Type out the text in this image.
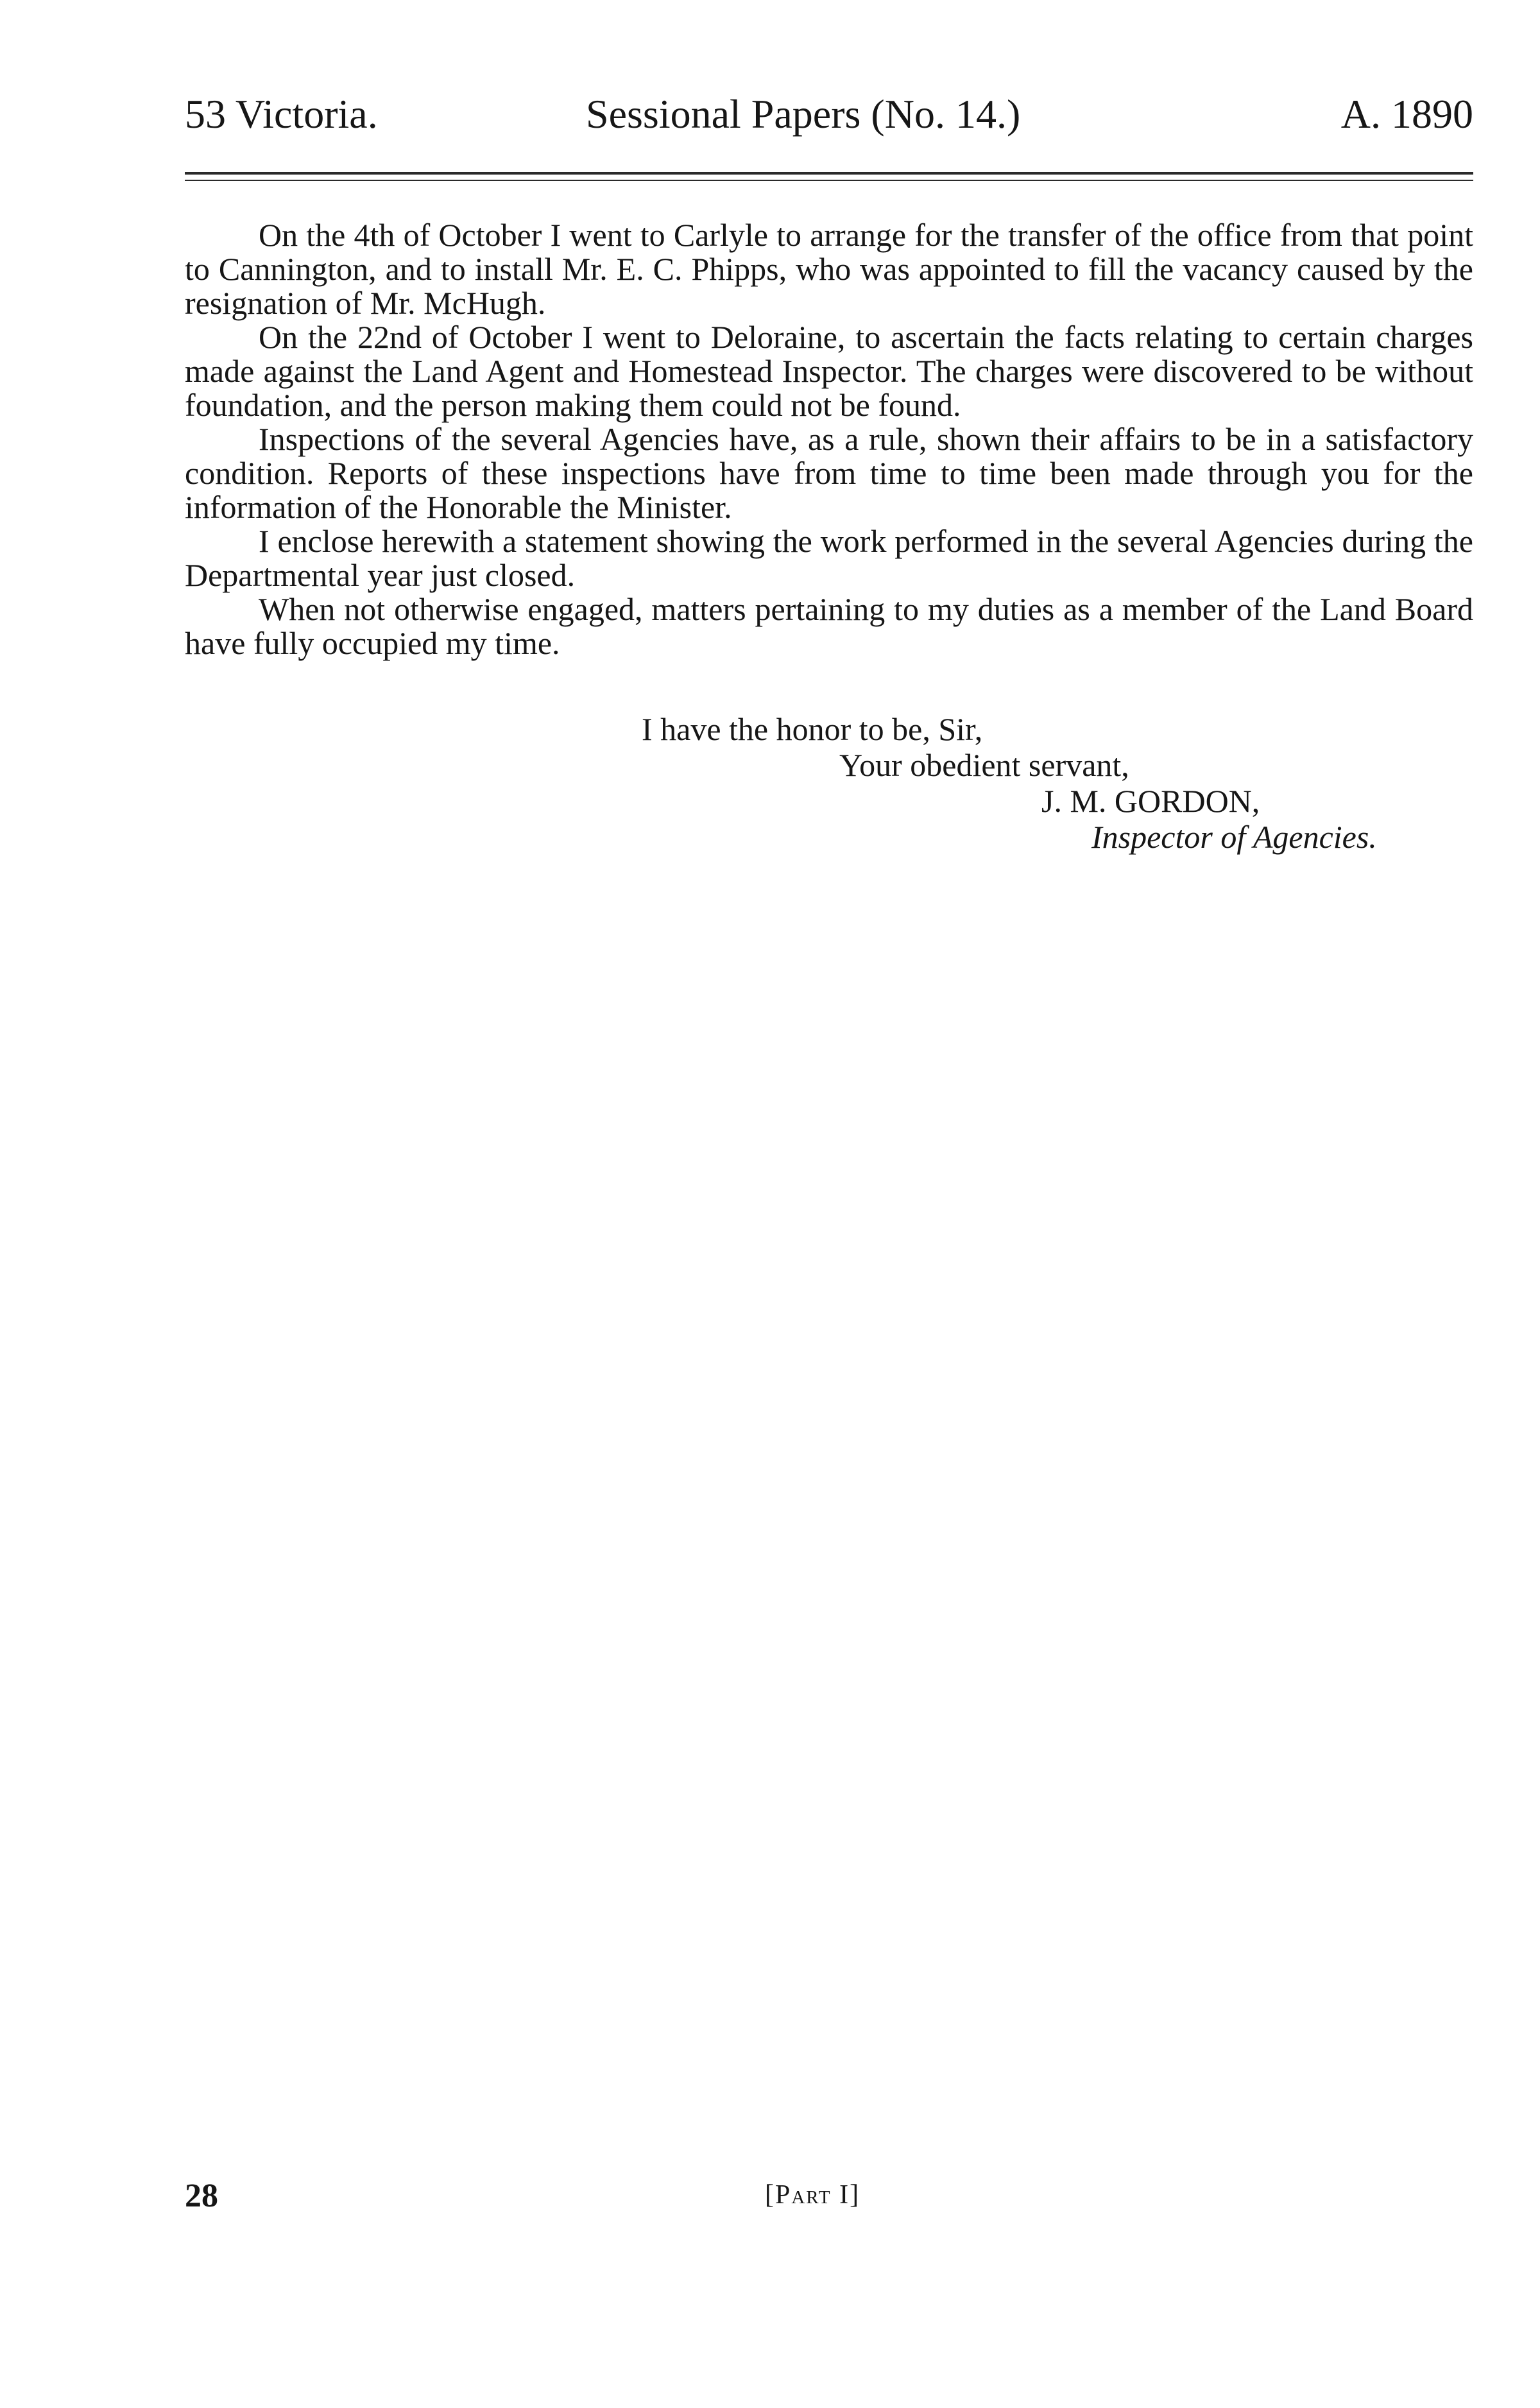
53 Victoria.	Sessional Papers (No. 14.)	A. 1890

On the 4th of October I went to Carlyle to arrange for the transfer of the office from that point to Cannington, and to install Mr. E. C. Phipps, who was appointed to fill the vacancy caused by the resignation of Mr. McHugh.

On the 22nd of October I went to Deloraine, to ascertain the facts relating to certain charges made against the Land Agent and Homestead Inspector. The charges were discovered to be without foundation, and the person making them could not be found.

Inspections of the several Agencies have, as a rule, shown their affairs to be in a satisfactory condition. Reports of these inspections have from time to time been made through you for the information of the Honorable the Minister.

I enclose herewith a statement showing the work performed in the several Agencies during the Departmental year just closed.

When not otherwise engaged, matters pertaining to my duties as a member of the Land Board have fully occupied my time.

I have the honor to be, Sir,
Your obedient servant,
J. M. GORDON,
Inspector of Agencies.
28	[Part I]
